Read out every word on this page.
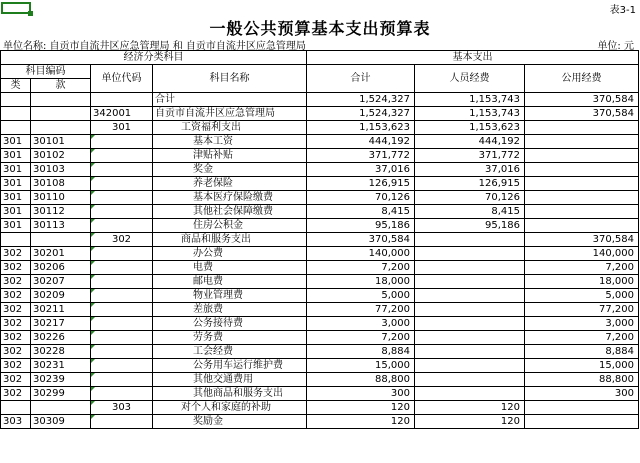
表3-1
一般公共预算基本支出预算表
单位名称: 自贡市自流井区应急管理局 和 自贡市自流井区应急管理局	单位: 元
经济分类科目				基本支出		
科目编码		单位代码	科目名称	合计	人员经费	公用经费
类	款					
			合计	1,524,327	1,153,743	370,584
		342001	自贡市自流井区应急管理局	1,524,327	1,153,743	370,584
		301	工资福利支出	1,153,623	1,153,623	
301	30101		基本工资	444,192	444,192	
301	30102		津贴补贴	371,772	371,772	
301	30103		奖金	37,016	37,016	
301	30108		养老保险	126,915	126,915	
301	30110		基本医疗保险缴费	70,126	70,126	
301	30112		其他社会保障缴费	8,415	8,415	
301	30113		住房公积金	95,186	95,186	
		302	商品和服务支出	370,584		370,584
302	30201		办公费	140,000		140,000
302	30206		电费	7,200		7,200
302	30207		邮电费	18,000		18,000
302	30209		物业管理费	5,000		5,000
302	30211		差旅费	77,200		77,200
302	30217		公务接待费	3,000		3,000
302	30226		劳务费	7,200		7,200
302	30228		工会经费	8,884		8,884
302	30231		公务用车运行维护费	15,000		15,000
302	30239		其他交通费用	88,800		88,800
302	30299		其他商品和服务支出	300		300
		303	对个人和家庭的补助	120	120	
303	30309		奖励金	120	120	
